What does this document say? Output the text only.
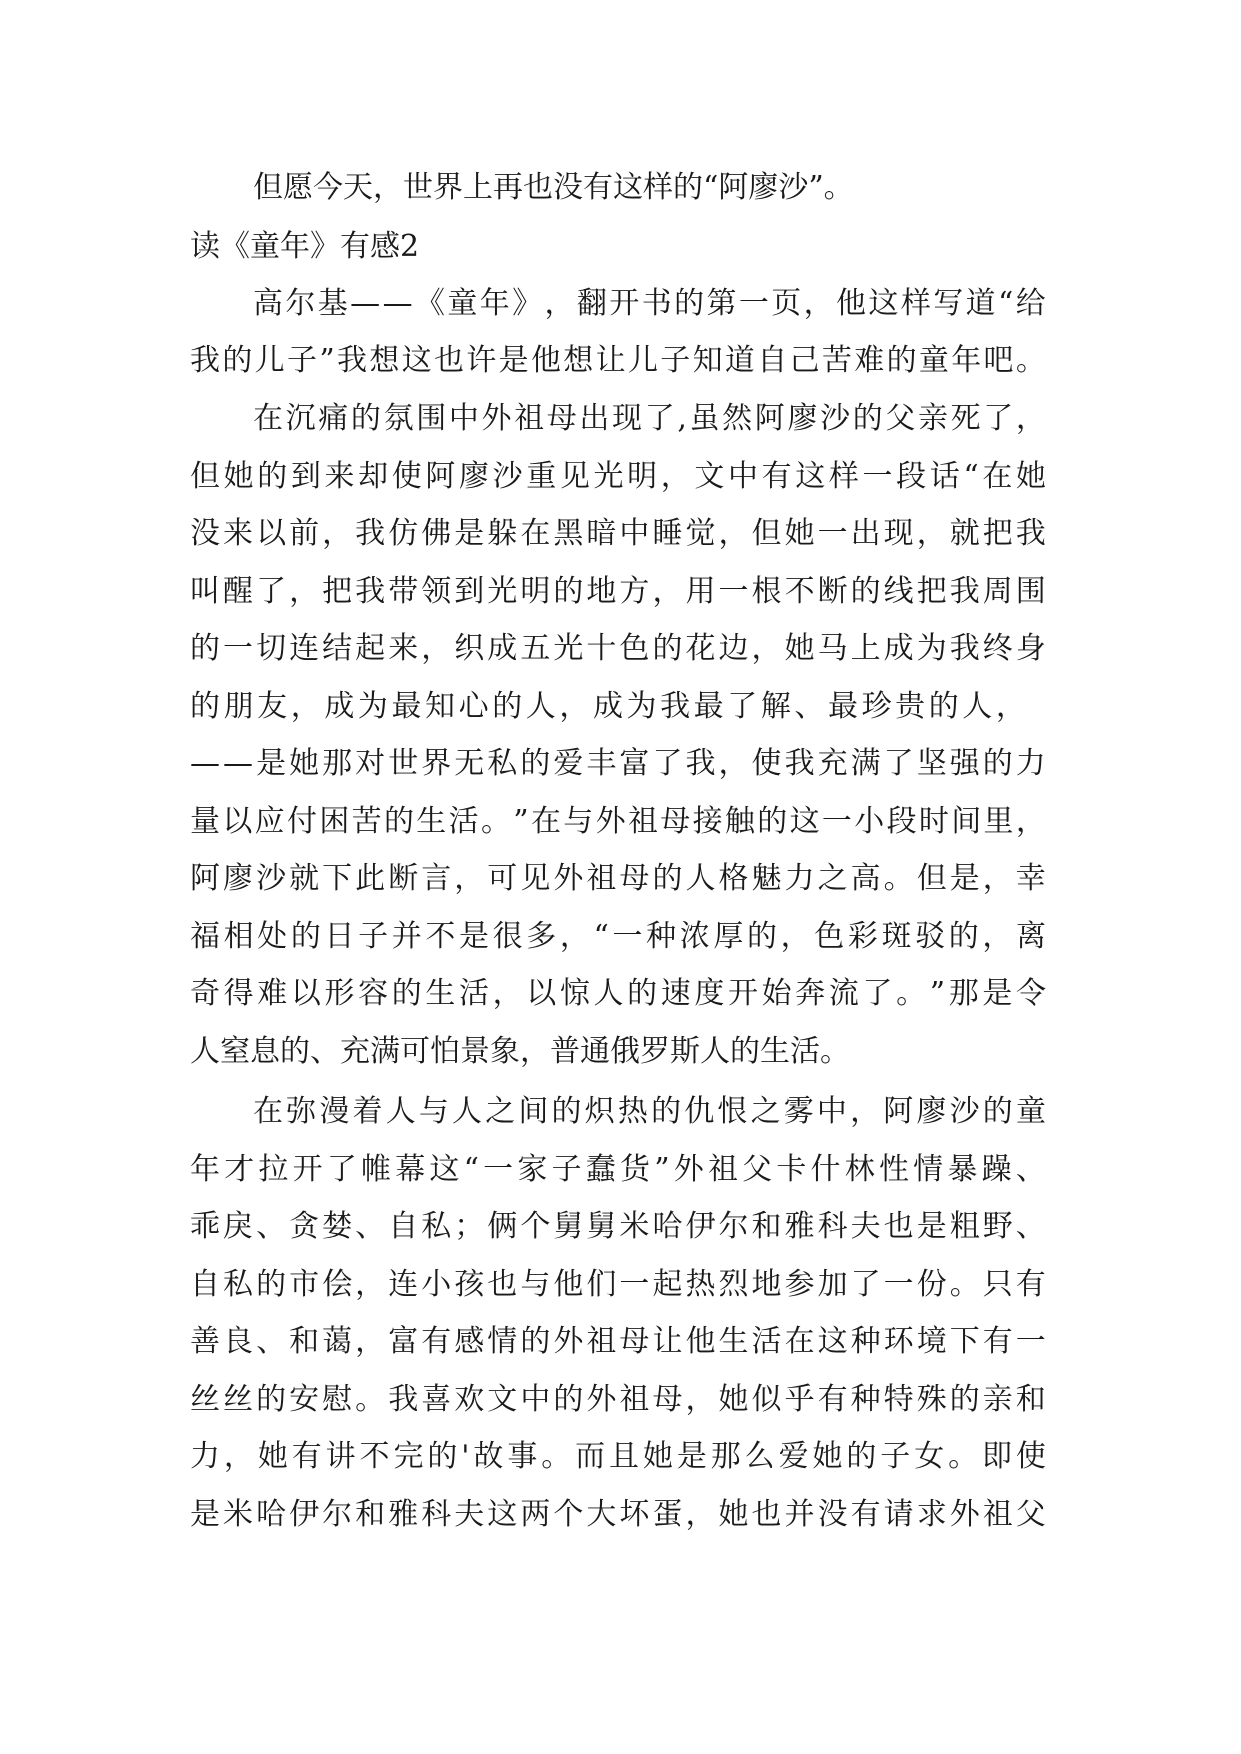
但愿今天，世界上再也没有这样的“阿廖沙”。
读《童年》有感2
高 尔 基 — — 《 童 年 》 ， 翻 开 书 的 第 一 页 ， 他 这 样 写 道 “ 给
我 的 儿 子 ” 我 想 这 也 许 是 他 想 让 儿 子 知 道 自 己 苦 难 的 童 年 吧 。
在 沉 痛 的 氛 围 中 外 祖 母 出 现 了 , 虽 然 阿 廖 沙 的 父 亲 死 了 ，
但 她 的 到 来 却 使 阿 廖 沙 重 见 光 明 ， 文 中 有 这 样 一 段 话 “ 在 她
没 来 以 前 ， 我 仿 佛 是 躲 在 黑 暗 中 睡 觉 ， 但 她 一 出 现 ， 就 把 我
叫 醒 了 ， 把 我 带 领 到 光 明 的 地 方 ， 用 一 根 不 断 的 线 把 我 周 围
的 一 切 连 结 起 来 ， 织 成 五 光 十 色 的 花 边 ， 她 马 上 成 为 我 终 身
的 朋 友 ， 成 为 最 知 心 的 人 ， 成 为 我 最 了 解 、 最 珍 贵 的 人 ，
— — 是 她 那 对 世 界 无 私 的 爱 丰 富 了 我 ， 使 我 充 满 了 坚 强 的 力
量 以 应 付 困 苦 的 生 活 。 ” 在 与 外 祖 母 接 触 的 这 一 小 段 时 间 里 ，
阿 廖 沙 就 下 此 断 言 ， 可 见 外 祖 母 的 人 格 魅 力 之 高 。 但 是 ， 幸
福 相 处 的 日 子 并 不 是 很 多 ， “ 一 种 浓 厚 的 ， 色 彩 斑 驳 的 ， 离
奇 得 难 以 形 容 的 生 活 ， 以 惊 人 的 速 度 开 始 奔 流 了 。 ” 那 是 令
人窒息的、充满可怕景象，普通俄罗斯人的生活。
在 弥 漫 着 人 与 人 之 间 的 炽 热 的 仇 恨 之 雾 中 ， 阿 廖 沙 的 童
年 才 拉 开 了 帷 幕 这 “ 一 家 子 蠢 货 ” 外 祖 父 卡 什 林 性 情 暴 躁 、
乖 戾 、 贪 婪 、 自 私 ； 俩 个 舅 舅 米 哈 伊 尔 和 雅 科 夫 也 是 粗 野 、
自 私 的 市 侩 ， 连 小 孩 也 与 他 们 一 起 热 烈 地 参 加 了 一 份 。 只 有
善 良 、 和 蔼 ， 富 有 感 情 的 外 祖 母 让 他 生 活 在 这 种 环 境 下 有 一
丝 丝 的 安 慰 。 我 喜 欢 文 中 的 外 祖 母 ， 她 似 乎 有 种 特 殊 的 亲 和
力 ， 她 有 讲 不 完 的 ' 故 事 。 而 且 她 是 那 么 爱 她 的 子 女 。 即 使
是 米 哈 伊 尔 和 雅 科 夫 这 两 个 大 坏 蛋 ， 她 也 并 没 有 请 求 外 祖 父
